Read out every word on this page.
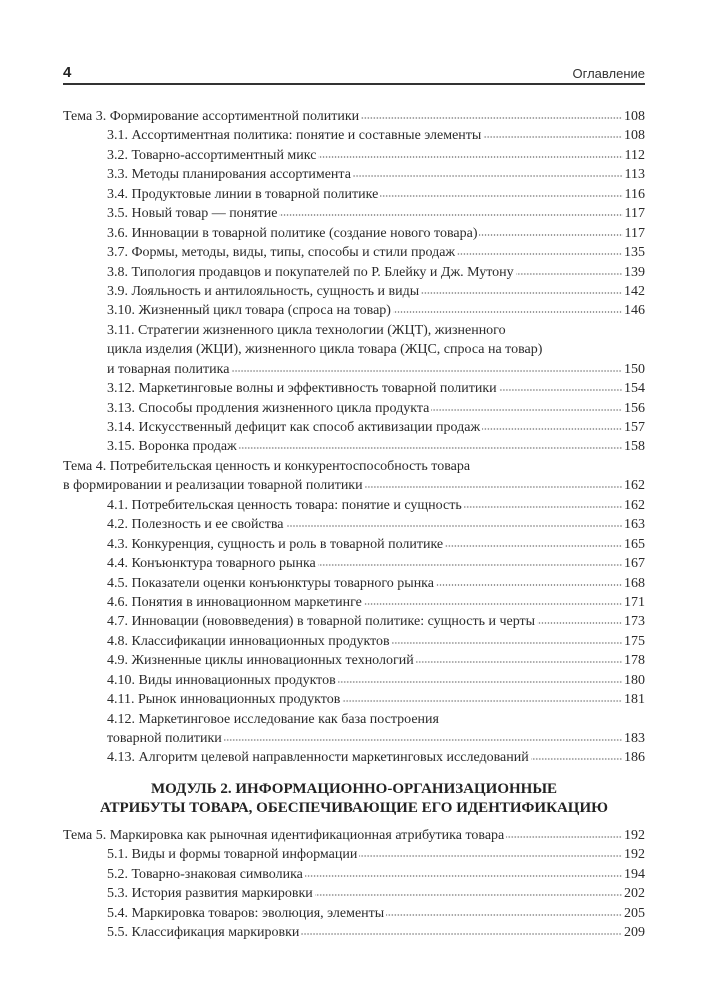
4	Оглавление
Тема 3. Формирование ассортиментной политики	108
3.1. Ассортиментная политика: понятие и составные элементы	108
3.2. Товарно-ассортиментный микс	112
3.3. Методы планирования ассортимента	113
3.4. Продуктовые линии в товарной политике	116
3.5. Новый товар — понятие	117
3.6. Инновации в товарной политике (создание нового товара)	117
3.7. Формы, методы, виды, типы, способы и стили продаж	135
3.8. Типология продавцов и покупателей по Р. Блейку и Дж. Мутону	139
3.9. Лояльность и антилояльность, сущность и виды	142
3.10. Жизненный цикл товара (спроса на товар)	146
3.11. Стратегии жизненного цикла технологии (ЖЦТ), жизненного
цикла изделия (ЖЦИ), жизненного цикла товара (ЖЦС, спроса на товар)
и товарная политика	150
3.12. Маркетинговые волны и эффективность товарной политики	154
3.13. Способы продления жизненного цикла продукта	156
3.14. Искусственный дефицит как способ активизации продаж	157
3.15. Воронка продаж	158
Тема 4. Потребительская ценность и конкурентоспособность товара
в формировании и реализации товарной политики	162
4.1. Потребительская ценность товара: понятие и сущность	162
4.2. Полезность и ее свойства	163
4.3. Конкуренция, сущность и роль в товарной политике	165
4.4. Конъюнктура товарного рынка	167
4.5. Показатели оценки конъюнктуры товарного рынка	168
4.6. Понятия в инновационном маркетинге	171
4.7. Инновации (нововведения) в товарной политике: сущность и черты	173
4.8. Классификации инновационных продуктов	175
4.9. Жизненные циклы инновационных технологий	178
4.10. Виды инновационных продуктов	180
4.11. Рынок инновационных продуктов	181
4.12. Маркетинговое исследование как база построения
товарной политики	183
4.13. Алгоритм целевой направленности маркетинговых исследований	186
МОДУЛЬ 2. ИНФОРМАЦИОННО-ОРГАНИЗАЦИОННЫЕ
АТРИБУТЫ ТОВАРА, ОБЕСПЕЧИВАЮЩИЕ ЕГО ИДЕНТИФИКАЦИЮ
Тема 5. Маркировка как рыночная идентификационная атрибутика товара	192
5.1. Виды и формы товарной информации	192
5.2. Товарно-знаковая символика	194
5.3. История развития маркировки	202
5.4. Маркировка товаров: эволюция, элементы	205
5.5. Классификация маркировки	209
